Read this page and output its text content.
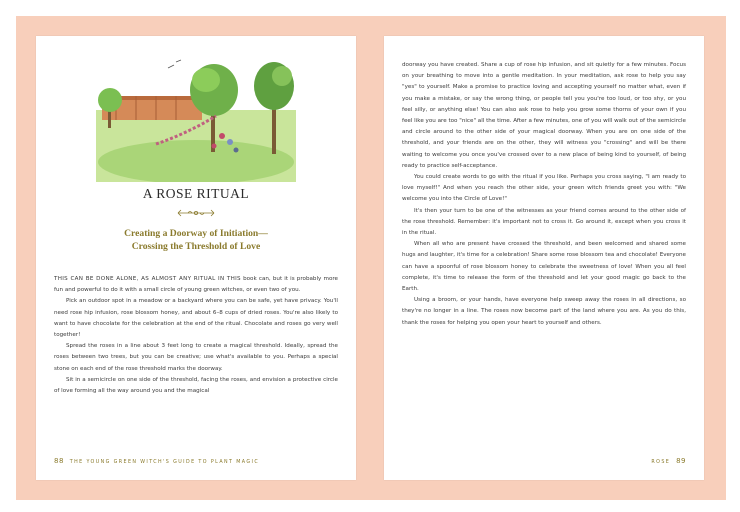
A ROSE RITUAL
Creating a Doorway of Initiation—
Crossing the Threshold of Love

THIS CAN BE DONE ALONE, AS ALMOST ANY RITUAL IN THIS book can, but it is probably more fun and powerful to do it with a small circle of young green witches, or even two of you.

Pick an outdoor spot in a meadow or a backyard where you can be safe, yet have privacy. You'll need rose hip infusion, rose blossom honey, and about 6–8 cups of dried roses. You're also likely to want to have chocolate for the celebration at the end of the ritual. Chocolate and roses go very well together!

Spread the roses in a line about 3 feet long to create a magical threshold. Ideally, spread the roses between two trees, but you can be creative; use what's available to you. Perhaps a special stone on each end of the rose threshold marks the doorway.

Sit in a semicircle on one side of the threshold, facing the roses, and envision a protective circle of love forming all the way around you and the magical

88 THE YOUNG GREEN WITCH'S GUIDE TO PLANT MAGIC

doorway you have created. Share a cup of rose hip infusion, and sit quietly for a few minutes. Focus on your breathing to move into a gentle meditation. In your meditation, ask rose to help you say "yes" to yourself. Make a promise to practice loving and accepting yourself no matter what, even if you make a mistake, or say the wrong thing, or people tell you you're too loud, or too shy, or you feel silly, or anything else! You can also ask rose to help you grow some thorns of your own if you feel like you are too "nice" all the time. After a few minutes, one of you will walk out of the semicircle and circle around to the other side of your magical doorway. When you are on one side of the threshold, and your friends are on the other, they will witness you "crossing" and will be there waiting to welcome you once you've crossed over to a new place of being kind to yourself, of being ready to practice self-acceptance.

You could create words to go with the ritual if you like. Perhaps you cross saying, "I am ready to love myself!" And when you reach the other side, your green witch friends greet you with: "We welcome you into the Circle of Love!"

It's then your turn to be one of the witnesses as your friend comes around to the other side of the rose threshold. Remember: it's important not to cross it. Go around it, except when you cross it in the ritual.

When all who are present have crossed the threshold, and been welcomed and shared some hugs and laughter, it's time for a celebration! Share some rose blossom tea and chocolate! Everyone can have a spoonful of rose blossom honey to celebrate the sweetness of love! When you all feel complete, it's time to release the form of the threshold and let your good magic go back to the Earth.

Using a broom, or your hands, have everyone help sweep away the roses in all directions, so they're no longer in a line. The roses now become part of the land where you are. As you do this, thank the roses for helping you open your heart to yourself and others.

ROSE 89
